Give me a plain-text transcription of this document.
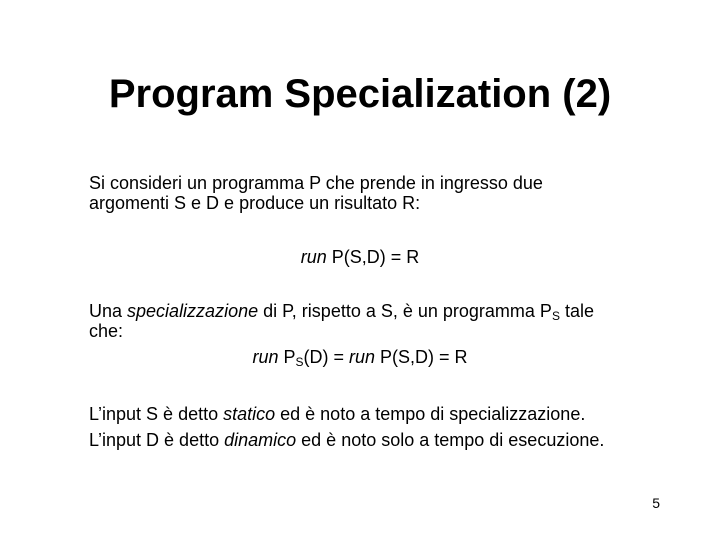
Program Specialization (2)

Si consideri un programma P che prende in ingresso due
argomenti S e D e produce un risultato R:

run P(S,D) = R

Una specializzazione di P, rispetto a S, è un programma $P_S$ tale
che:

run $P_S(D)$ = run P(S,D) = R

L’input S è detto statico ed è noto a tempo di specializzazione.
L’input D è detto dinamico ed è noto solo a tempo di esecuzione.

5
